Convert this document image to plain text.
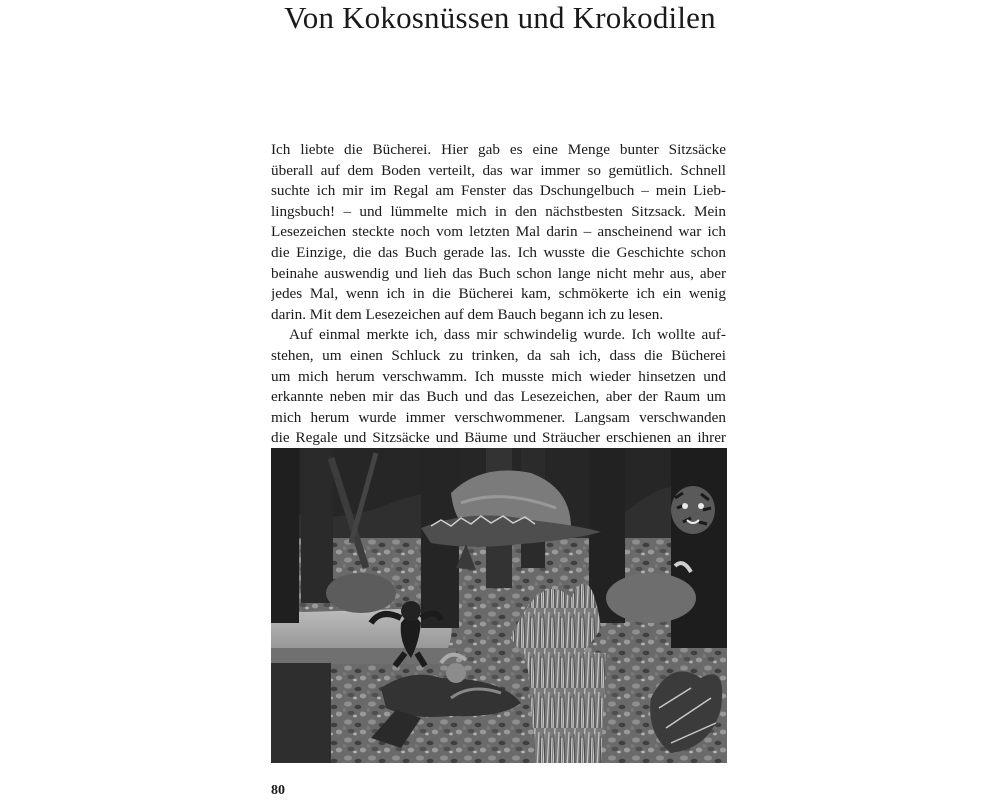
Von Kokosnüssen und Krokodilen
Ich liebte die Bücherei. Hier gab es eine Menge bunter Sitzsäcke
überall auf dem Boden verteilt, das war immer so gemütlich. Schnell
suchte ich mir im Regal am Fenster das Dschungelbuch – mein Lieb-
lingsbuch! – und lümmelte mich in den nächstbesten Sitzsack. Mein
Lesezeichen steckte noch vom letzten Mal darin – anscheinend war ich
die Einzige, die das Buch gerade las. Ich wusste die Geschichte schon
beinahe auswendig und lieh das Buch schon lange nicht mehr aus, aber
jedes Mal, wenn ich in die Bücherei kam, schmökerte ich ein wenig
darin. Mit dem Lesezeichen auf dem Bauch begann ich zu lesen.
Auf einmal merkte ich, dass mir schwindelig wurde. Ich wollte auf-
stehen, um einen Schluck zu trinken, da sah ich, dass die Bücherei
um mich herum verschwamm. Ich musste mich wieder hinsetzen und
erkannte neben mir das Buch und das Lesezeichen, aber der Raum um
mich herum wurde immer verschwommener. Langsam verschwanden
die Regale und Sitzsäcke und Bäume und Sträucher erschienen an ihrer
80
